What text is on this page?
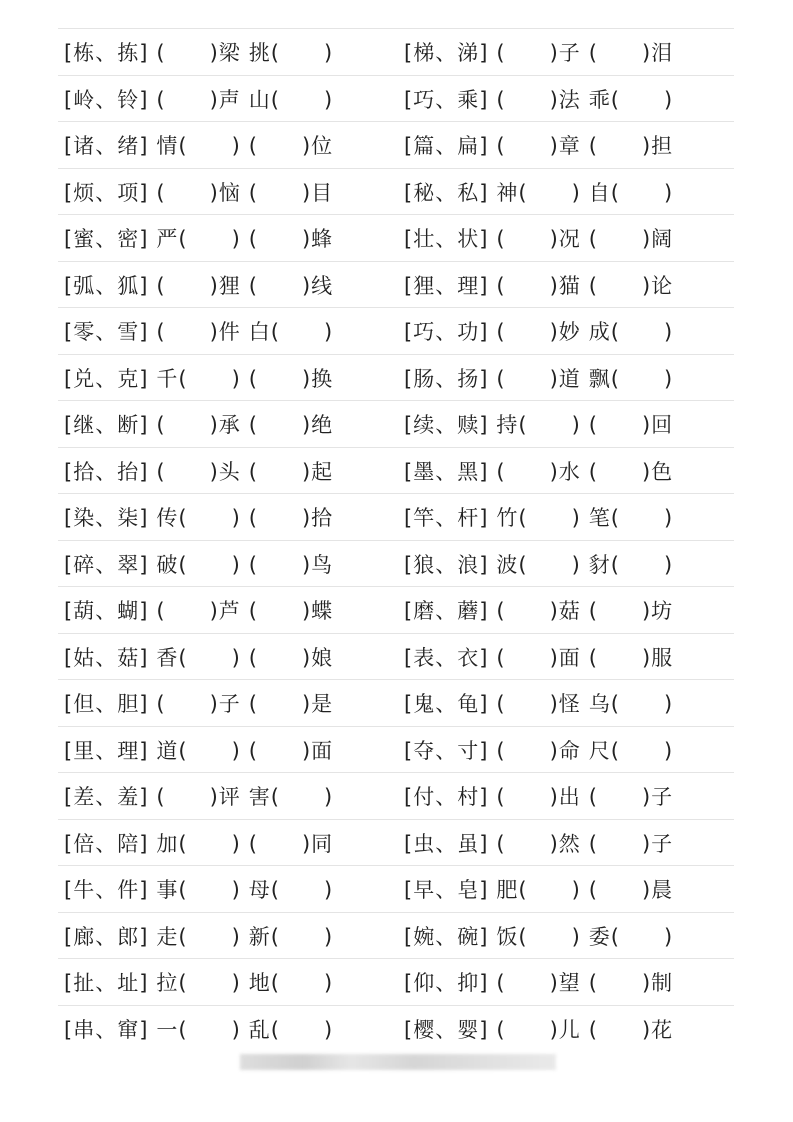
[栋、拣] (　　)梁 挑(　　)	[梯、涕] (　　)子 (　　)泪
[岭、铃] (　　)声 山(　　)	[巧、乘] (　　)法 乖(　　)
[诸、绪] 情(　　) (　　)位	[篇、扁] (　　)章 (　　)担
[烦、项] (　　)恼 (　　)目	[秘、私] 神(　　) 自(　　)
[蜜、密] 严(　　) (　　)蜂	[壮、状] (　　)况 (　　)阔
[弧、狐] (　　)狸 (　　)线	[狸、理] (　　)猫 (　　)论
[零、雪] (　　)件 白(　　)	[巧、功] (　　)妙 成(　　)
[兑、克] 千(　　) (　　)换	[肠、扬] (　　)道 飘(　　)
[继、断] (　　)承 (　　)绝	[续、赎] 持(　　) (　　)回
[拾、抬] (　　)头 (　　)起	[墨、黑] (　　)水 (　　)色
[染、柒] 传(　　) (　　)拾	[竿、杆] 竹(　　) 笔(　　)
[碎、翠] 破(　　) (　　)鸟	[狼、浪] 波(　　) 豺(　　)
[葫、蝴] (　　)芦 (　　)蝶	[磨、蘑] (　　)菇 (　　)坊
[姑、菇] 香(　　) (　　)娘	[表、衣] (　　)面 (　　)服
[但、胆] (　　)子 (　　)是	[鬼、龟] (　　)怪 乌(　　)
[里、理] 道(　　) (　　)面	[夺、寸] (　　)命 尺(　　)
[差、羞] (　　)评 害(　　)	[付、村] (　　)出 (　　)子
[倍、陪] 加(　　) (　　)同	[虫、虽] (　　)然 (　　)子
[牛、件] 事(　　) 母(　　)	[早、皂] 肥(　　) (　　)晨
[廊、郎] 走(　　) 新(　　)	[婉、碗] 饭(　　) 委(　　)
[扯、址] 拉(　　) 地(　　)	[仰、抑] (　　)望 (　　)制
[串、窜] 一(　　) 乱(　　)	[樱、婴] (　　)儿 (　　)花
